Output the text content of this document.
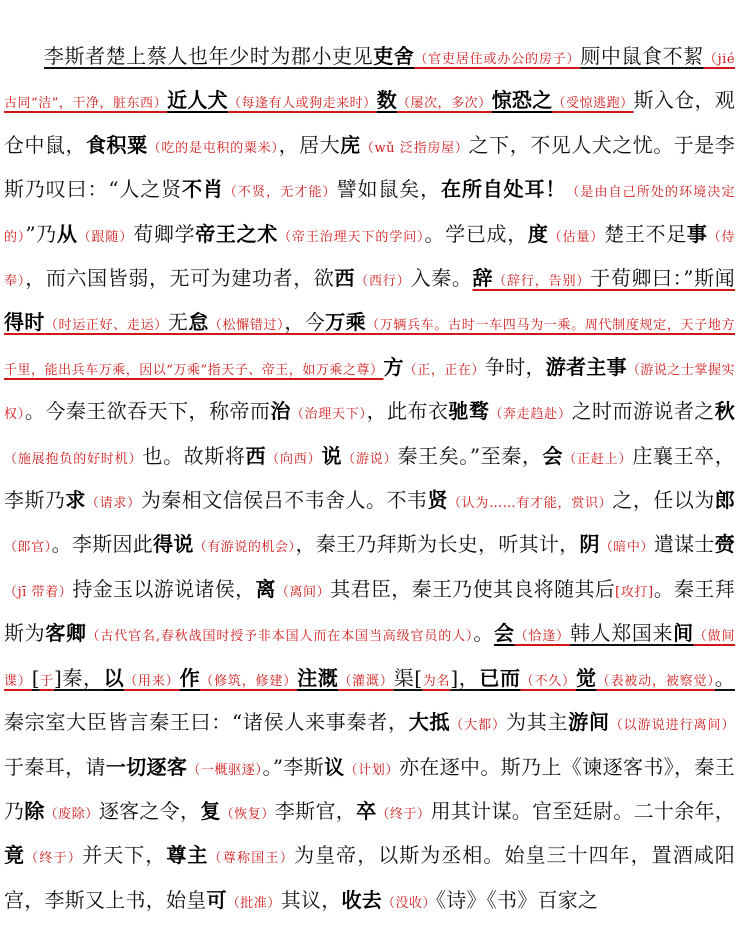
李斯者楚上蔡人也年少时为郡小吏见吏舍（官吏居住或办公的房子）厕中鼠食不絜（jié 古同“洁”，干净，脏东西）近人犬（每逢有人或狗走来时）数（屡次，多次）惊恐之（受惊逃跑）斯入仓，观仓中鼠，食积粟（吃的是屯积的粟米），居大庑（wǔ 泛指房屋）之下，不见人犬之忧。于是李斯乃叹曰：“人之贤不肖（不贤，无才能）譬如鼠矣，在所自处耳！（是由自己所处的环境决定的）”乃从（跟随）荀卿学帝王之术（帝王治理天下的学问）。学已成，度（估量）楚王不足事（侍奉），而六国皆弱，无可为建功者，欲西（西行）入秦。辞（辞行，告别）于荀卿曰：”斯闻得时（时运正好、走运）无怠（松懈错过），今万乘（万辆兵车。古时一车四马为一乘。周代制度规定，天子地方千里，能出兵车万乘，因以“万乘”指天子、帝王，如万乘之尊）方（正，正在）争时，游者主事（游说之士掌握实权）。今秦王欲吞天下，称帝而治（治理天下），此布衣驰骛（奔走趋赴）之时而游说者之秋（施展抱负的好时机）也。故斯将西（向西）说（游说）秦王矣。”至秦，会（正赶上）庄襄王卒，李斯乃求（请求）为秦相文信侯吕不韦舍人。不韦贤（认为……有才能，赏识）之，任以为郎（郎官）。李斯因此得说（有游说的机会），秦王乃拜斯为长史，听其计，阴（暗中）遣谋士赍（jī 带着）持金玉以游说诸侯，离（离间）其君臣，秦王乃使其良将随其后[攻打]。秦王拜斯为客卿（古代官名,春秋战国时授予非本国人而在本国当高级官员的人）。会（恰逢）韩人郑国来间（做间谍）[于]秦，以（用来）作（修筑，修建）注溉（灌溉）渠[为名]，已而（不久）觉（表被动，被察觉）。秦宗室大臣皆言秦王曰：“诸侯人来事秦者，大抵（大都）为其主游间（以游说进行离间）于秦耳，请一切逐客（一概驱逐）。”李斯议（计划）亦在逐中。斯乃上《谏逐客书》，秦王乃除（废除）逐客之令，复（恢复）李斯官，卒（终于）用其计谋。官至廷尉。二十余年，竟（终于）并天下，尊主（尊称国王）为皇帝，以斯为丞相。始皇三十四年，置酒咸阳宫，李斯又上书，始皇可（批准）其议，收去（没收）《诗》《书》百家之
